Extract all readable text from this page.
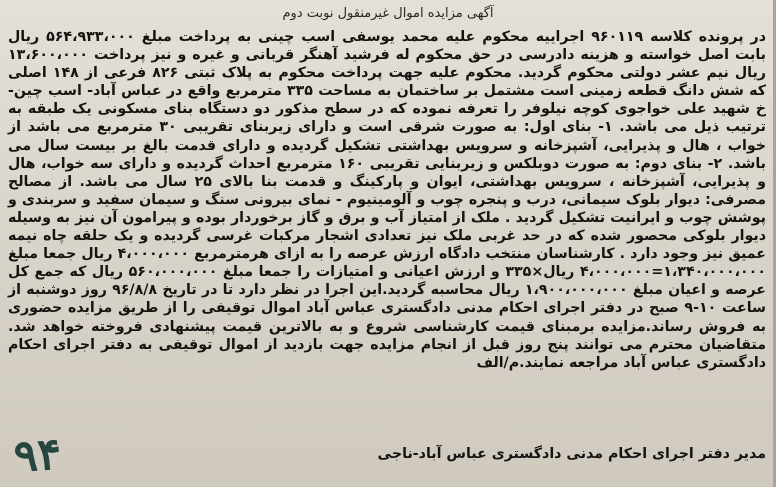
آگهی مزایده اموال غیرمنقول نوبت دوم
در پرونده کلاسه ۹۶۰۱۱۹ اجراییه محکوم علیه محمد یوسفی اسب چینی به پرداخت مبلغ ۵۶۴،۹۳۳،۰۰۰ ریال بابت اصل خواسته و هزینه دادرسی در حق محکوم له فرشید آهنگر قربانی و غیره و نیز پرداخت ۱۳،۶۰۰،۰۰۰ ریال نیم عشر دولتی محکوم گردید. محکوم علیه جهت پرداخت محکوم به پلاک ثبتی ۸۲۶ فرعی از ۱۴۸ اصلی که شش دانگ قطعه زمینی است مشتمل بر ساختمان به مساحت ۳۳۵ مترمربع واقع در عباس آباد- اسب چین- خ شهید علی خواجوی کوچه نیلوفر را تعرفه نموده که در سطح مذکور دو دستگاه بنای مسکونی یک طبقه به ترتیب ذیل می باشد. ۱- بنای اول: به صورت شرقی است و دارای زیربنای تقریبی ۳۰ مترمربع می باشد از خواب ، هال و پذیرایی، آشپزخانه و سرویس بهداشتی تشکیل گردیده و دارای قدمت بالغ بر بیست سال می باشد. ۲- بنای دوم: به صورت دوبلکس و زیربنایی تقریبی ۱۶۰ مترمربع احداث گردیده و دارای سه خواب، هال و پذیرایی، آشپزخانه ، سرویس بهداشتی، ایوان و پارکینگ و قدمت بنا بالای ۲۵ سال می باشد. از مصالح مصرفی: دیوار بلوک سیمانی، درب و پنجره چوب و آلومینیوم - نمای بیرونی سنگ و سیمان سفید و سربندی و پوشش چوب و ایرانیت تشکیل گردید . ملک از امتیاز آب و برق و گاز برخوردار بوده و پیرامون آن نیز به وسیله دیوار بلوکی محصور شده که در حد غربی ملک نیز تعدادی اشجار مرکبات غرسی گردیده و یک حلقه چاه نیمه عمیق نیز وجود دارد . کارشناسان منتخب دادگاه ارزش عرصه را به ازای هرمترمربع ۴،۰۰۰،۰۰۰ ریال جمعا مبلغ ۱،۳۴۰،۰۰۰،۰۰۰=۴،۰۰۰،۰۰۰ ریال×۳۳۵ و ارزش اعیانی و امتیازات را جمعا مبلغ ۵۶۰،۰۰۰،۰۰۰ ریال که جمع کل عرصه و اعیان مبلغ ۱،۹۰۰،۰۰۰،۰۰۰ ریال محاسبه گردید.این اجرا در نظر دارد تا در تاریخ ۹۶/۸/۸ روز دوشنبه از ساعت ۱۰-۹ صبح در دفتر اجرای احکام مدنی دادگستری عباس آباد اموال توقیفی را از طریق مزایده حضوری به فروش رساند.مزایده برمبنای قیمت کارشناسی شروع و به بالاترین قیمت پیشنهادی فروخته خواهد شد. متقاضیان محترم می توانند پنج روز قبل از انجام مزایده جهت بازدید از اموال توقیفی به دفتر اجرای احکام دادگستری عباس آباد مراجعه نمایند.م/الف
مدیر دفتر اجرای احکام مدنی دادگستری عباس آباد-ناجی
۹۴
